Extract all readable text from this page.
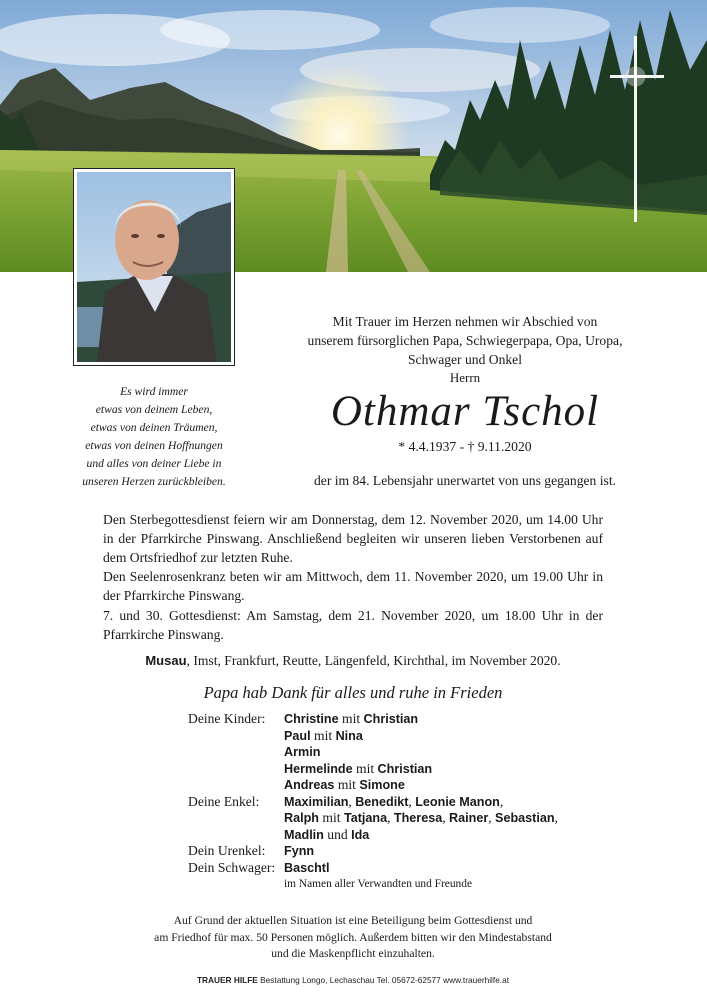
Es wird immer
etwas von deinem Leben,
etwas von deinen Träumen,
etwas von deinen Hoffnungen
und alles von deiner Liebe in
unseren Herzen zurückbleiben.
Mit Trauer im Herzen nehmen wir Abschied von
unserem fürsorglichen Papa, Schwiegerpapa, Opa, Uropa,
Schwager und Onkel
Herrn
Othmar Tschol
* 4.4.1937 - † 9.11.2020
der im 84. Lebensjahr unerwartet von uns gegangen ist.
Den Sterbegottesdienst feiern wir am Donnerstag, dem 12. November 2020, um 14.00 Uhr in der Pfarrkirche Pinswang. Anschließend begleiten wir unseren lieben Verstorbenen auf dem Ortsfriedhof zur letzten Ruhe.
Den Seelenrosenkranz beten wir am Mittwoch, dem 11. November 2020, um 19.00 Uhr in der Pfarrkirche Pinswang.
7. und 30. Gottesdienst: Am Samstag, dem 21. November 2020, um 18.00 Uhr in der Pfarrkirche Pinswang.
Musau, Imst, Frankfurt, Reutte, Längenfeld, Kirchthal, im November 2020.
Papa hab Dank für alles und ruhe in Frieden
Deine Kinder:	Christine mit Christian
Paul mit Nina
Armin
Hermelinde mit Christian
Andreas mit Simone
Deine Enkel:	Maximilian, Benedikt, Leonie Manon,
Ralph mit Tatjana, Theresa, Rainer, Sebastian,
Madlin und Ida
Dein Urenkel:	Fynn
Dein Schwager: Baschtl
im Namen aller Verwandten und Freunde
Auf Grund der aktuellen Situation ist eine Beteiligung beim Gottesdienst und
am Friedhof für max. 50 Personen möglich. Außerdem bitten wir den Mindestabstand
und die Maskenpflicht einzuhalten.
TRAUER HILFE Bestattung Longo, Lechaschau Tel. 05672-62577 www.trauerhilfe.at
